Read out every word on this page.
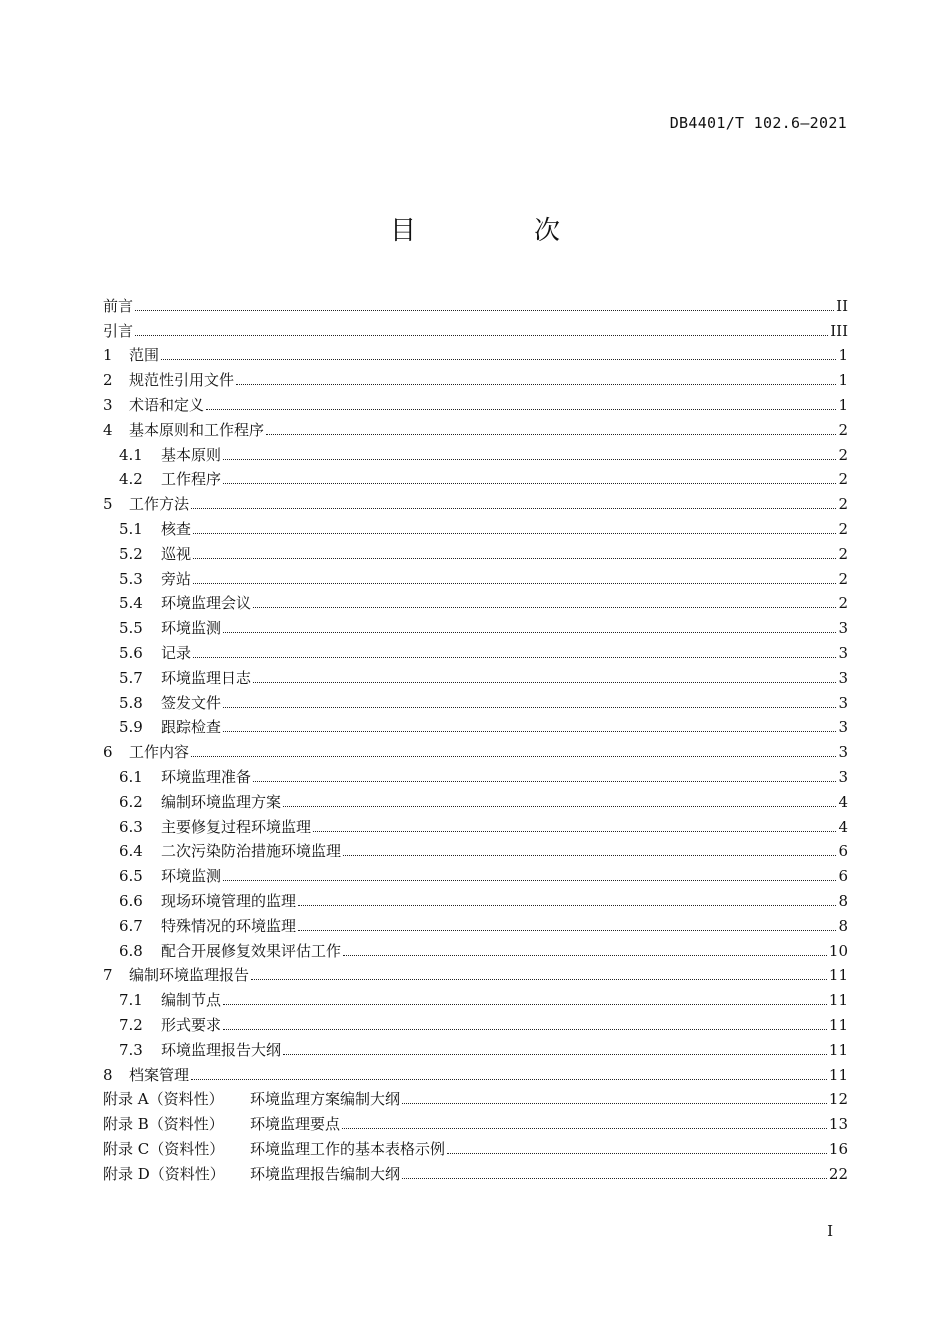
DB4401/T 102.6—2021
目　次
前言	II
引言	III
1	范围	1
2	规范性引用文件	1
3	术语和定义	1
4	基本原则和工作程序	2
4.1	基本原则	2
4.2	工作程序	2
5	工作方法	2
5.1	核查	2
5.2	巡视	2
5.3	旁站	2
5.4	环境监理会议	2
5.5	环境监测	3
5.6	记录	3
5.7	环境监理日志	3
5.8	签发文件	3
5.9	跟踪检查	3
6	工作内容	3
6.1	环境监理准备	3
6.2	编制环境监理方案	4
6.3	主要修复过程环境监理	4
6.4	二次污染防治措施环境监理	6
6.5	环境监测	6
6.6	现场环境管理的监理	8
6.7	特殊情况的环境监理	8
6.8	配合开展修复效果评估工作	10
7	编制环境监理报告	11
7.1	编制节点	11
7.2	形式要求	11
7.3	环境监理报告大纲	11
8	档案管理	11
附录 A（资料性）	环境监理方案编制大纲	12
附录 B（资料性）	环境监理要点	13
附录 C（资料性）	环境监理工作的基本表格示例	16
附录 D（资料性）	环境监理报告编制大纲	22
I
